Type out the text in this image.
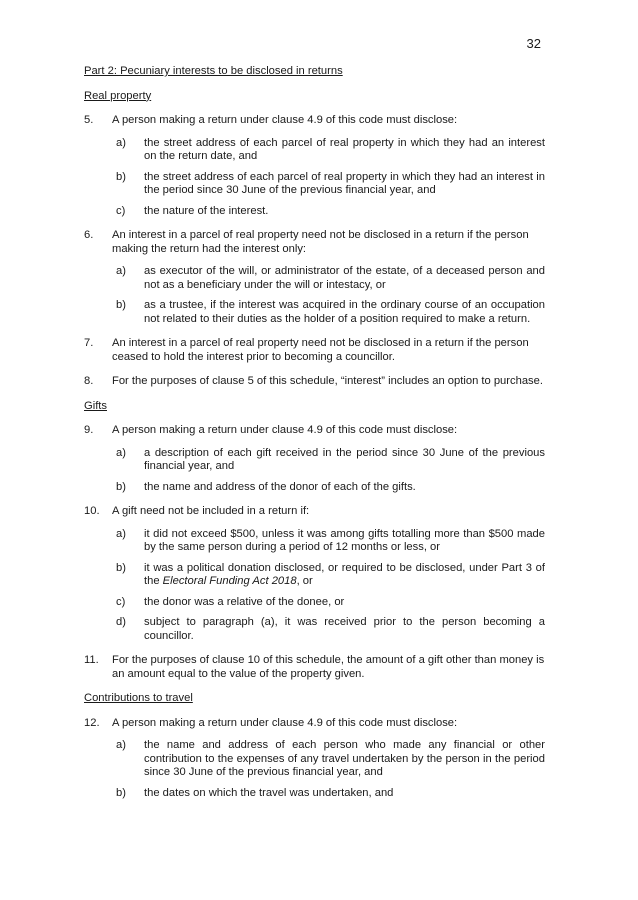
32
Part 2: Pecuniary interests to be disclosed in returns
Real property
5.	A person making a return under clause 4.9 of this code must disclose:
a)	the street address of each parcel of real property in which they had an interest on the return date, and
b)	the street address of each parcel of real property in which they had an interest in the period since 30 June of the previous financial year, and
c)	the nature of the interest.
6.	An interest in a parcel of real property need not be disclosed in a return if the person making the return had the interest only:
a)	as executor of the will, or administrator of the estate, of a deceased person and not as a beneficiary under the will or intestacy, or
b)	as a trustee, if the interest was acquired in the ordinary course of an occupation not related to their duties as the holder of a position required to make a return.
7.	An interest in a parcel of real property need not be disclosed in a return if the person ceased to hold the interest prior to becoming a councillor.
8.	For the purposes of clause 5 of this schedule, “interest” includes an option to purchase.
Gifts
9.	A person making a return under clause 4.9 of this code must disclose:
a)	a description of each gift received in the period since 30 June of the previous financial year, and
b)	the name and address of the donor of each of the gifts.
10.	A gift need not be included in a return if:
a)	it did not exceed $500, unless it was among gifts totalling more than $500 made by the same person during a period of 12 months or less, or
b)	it was a political donation disclosed, or required to be disclosed, under Part 3 of the Electoral Funding Act 2018, or
c)	the donor was a relative of the donee, or
d)	subject to paragraph (a), it was received prior to the person becoming a councillor.
11.	For the purposes of clause 10 of this schedule, the amount of a gift other than money is an amount equal to the value of the property given.
Contributions to travel
12.	A person making a return under clause 4.9 of this code must disclose:
a)	the name and address of each person who made any financial or other contribution to the expenses of any travel undertaken by the person in the period since 30 June of the previous financial year, and
b)	the dates on which the travel was undertaken, and
